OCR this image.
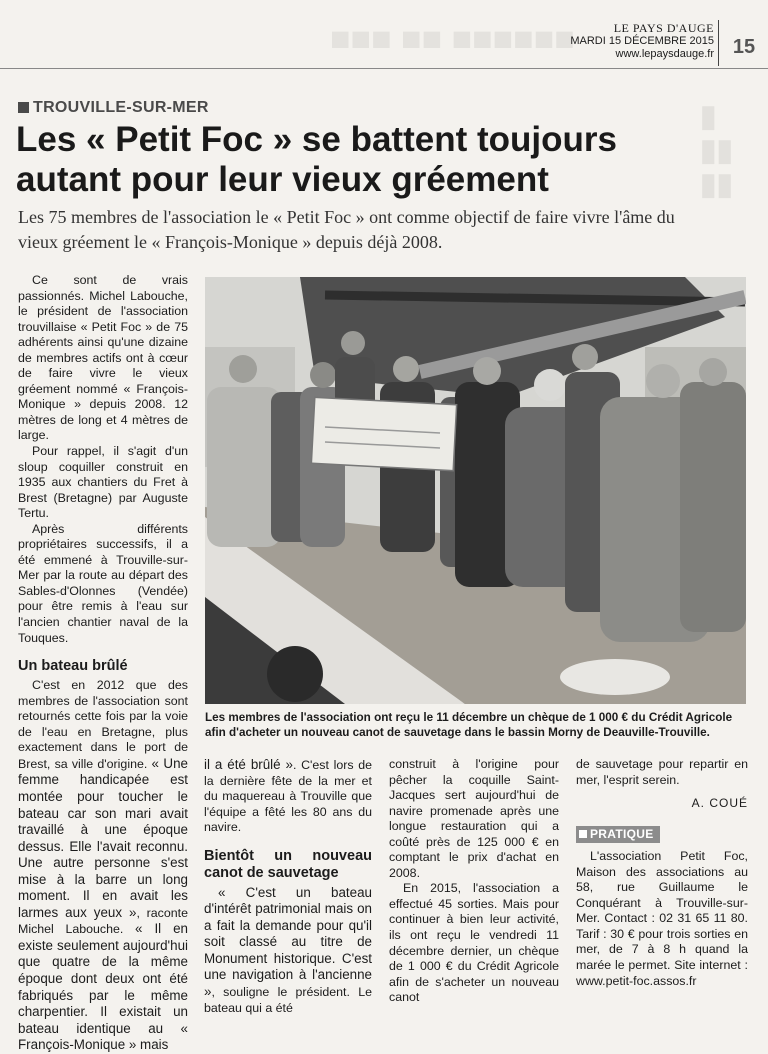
■■■ ■■ ■■■■■■
▮
▮▮
▮▮
LE PAYS D'AUGE
MARDI 15 DÉCEMBRE 2015
www.lepaysdauge.fr 15
TROUVILLE-SUR-MER
Les « Petit Foc » se battent toujours autant pour leur vieux gréement
Les 75 membres de l'association le « Petit Foc » ont comme objectif de faire vivre l'âme du vieux gréement le « François-Monique » depuis déjà 2008.

Ce sont de vrais passionnés. Michel Labouche, le président de l'association trouvillaise « Petit Foc » de 75 adhérents ainsi qu'une dizaine de membres actifs ont à cœur de faire vivre le vieux gréement nommé « François-Monique » depuis 2008. 12 mètres de long et 4 mètres de large.

Pour rappel, il s'agit d'un sloup coquiller construit en 1935 aux chantiers du Fret à Brest (Bretagne) par Auguste Tertu.

Après différents propriétaires successifs, il a été emmené à Trouville-sur-Mer par la route au départ des Sables-d'Olonnes (Vendée) pour être remis à l'eau sur l'ancien chantier naval de la Touques.

Un bateau brûlé

C'est en 2012 que des membres de l'association sont retournés cette fois par la voie de l'eau en Bretagne, plus exactement dans le port de Brest, sa ville d'origine. « Une femme handicapée est montée pour toucher le bateau car son mari avait travaillé à une époque dessus. Elle l'avait reconnu. Une autre personne s'est mise à la barre un long moment. Il en avait les larmes aux yeux », raconte Michel Labouche. « Il en existe seulement aujourd'hui que quatre de la même époque dont deux ont été fabriqués par le même charpentier. Il existait un bateau identique au « François-Monique » mais

Les membres de l'association ont reçu le 11 décembre un chèque de 1 000 € du Crédit Agricole afin d'acheter un nouveau canot de sauvetage dans le bassin Morny de Deauville-Trouville.

il a été brûlé ». C'est lors de la dernière fête de la mer et du maquereau à Trouville que l'équipe a fêté les 80 ans du navire.

Bientôt un nouveau canot de sauvetage

« C'est un bateau d'intérêt patrimonial mais on a fait la demande pour qu'il soit classé au titre de Monument historique. C'est une navigation à l'ancienne », souligne le président. Le bateau qui a été

construit à l'origine pour pêcher la coquille Saint-Jacques sert aujourd'hui de navire promenade après une longue restauration qui a coûté près de 125 000 € en comptant le prix d'achat en 2008.

En 2015, l'association a effectué 45 sorties. Mais pour continuer à bien leur activité, ils ont reçu le vendredi 11 décembre dernier, un chèque de 1 000 € du Crédit Agricole afin de s'acheter un nouveau canot

de sauvetage pour repartir en mer, l'esprit serein.

A. COUÉ
PRATIQUE

L'association Petit Foc, Maison des associations au 58, rue Guillaume le Conquérant à Trouville-sur-Mer. Contact : 02 31 65 11 80. Tarif : 30 € pour trois sorties en mer, de 7 à 8 h quand la marée le permet. Site internet : www.petit-foc.assos.fr
